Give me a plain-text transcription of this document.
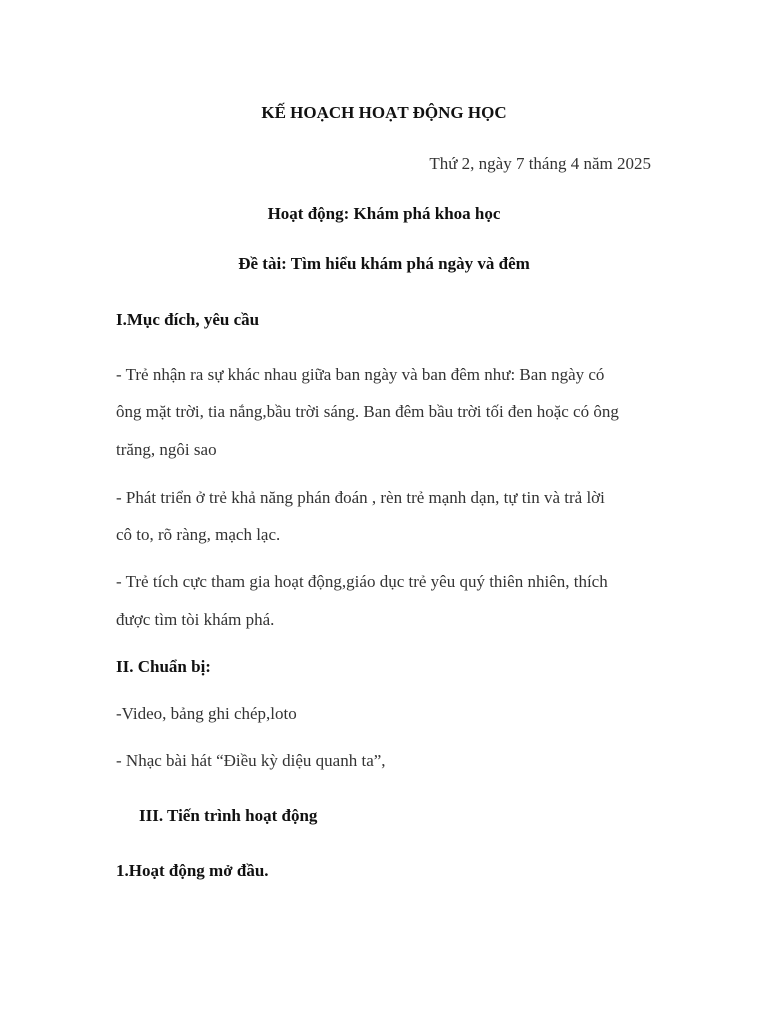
KẾ HOẠCH HOẠT ĐỘNG HỌC
Thứ 2, ngày 7 tháng 4 năm 2025
Hoạt động: Khám phá khoa học
Đề tài: Tìm hiểu khám phá ngày và đêm
I.Mục đích, yêu cầu
- Trẻ nhận ra sự khác nhau giữa ban ngày và ban đêm như: Ban ngày có
ông mặt trời, tia nắng,bầu trời sáng. Ban đêm bầu trời tối đen hoặc có ông
trăng, ngôi sao
- Phát triển ở trẻ khả năng phán đoán , rèn trẻ mạnh dạn, tự tin và trả lời
cô to, rõ ràng, mạch lạc.
- Trẻ tích cực tham gia hoạt động,giáo dục trẻ yêu quý thiên nhiên, thích
được tìm tòi khám phá.
II. Chuẩn bị:
-Video, bảng ghi chép,loto
- Nhạc bài hát “Điều kỳ diệu quanh ta”,
III. Tiến trình hoạt động
1.Hoạt động mở đầu.
